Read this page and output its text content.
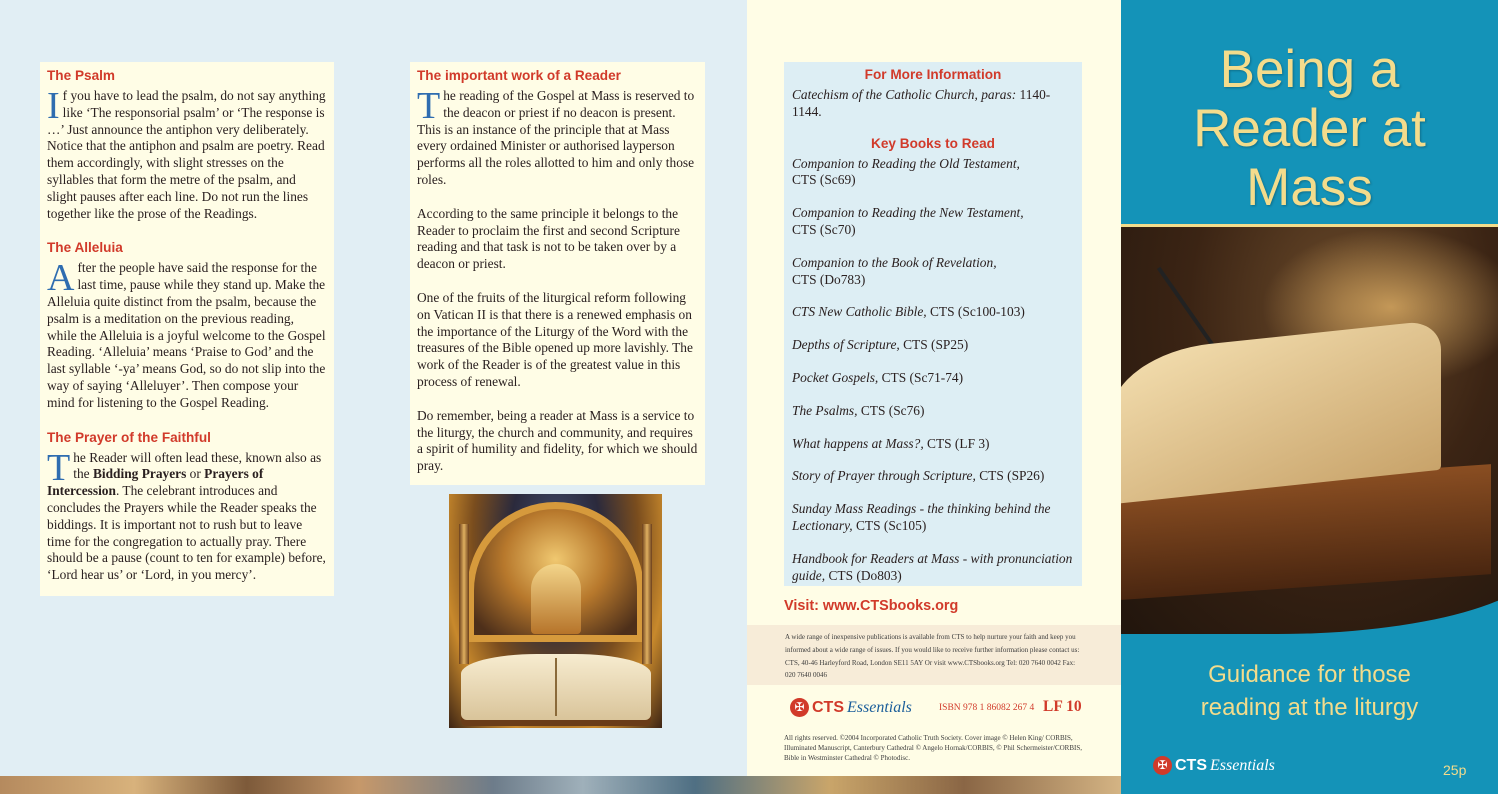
The Psalm
If you have to lead the psalm, do not say anything like ‘The responsorial psalm’ or ‘The response is …’ Just announce the antiphon very deliberately. Notice that the antiphon and psalm are poetry. Read them accordingly, with slight stresses on the syllables that form the metre of the psalm, and slight pauses after each line. Do not run the lines together like the prose of the Readings.
The Alleluia
After the people have said the response for the last time, pause while they stand up. Make the Alleluia quite distinct from the psalm, because the psalm is a meditation on the previous reading, while the Alleluia is a joyful welcome to the Gospel Reading. ‘Alleluia’ means ‘Praise to God’ and the last syllable ‘-ya’ means God, so do not slip into the way of saying ‘Alleluyer’. Then compose your mind for listening to the Gospel Reading.
The Prayer of the Faithful
The Reader will often lead these, known also as the Bidding Prayers or Prayers of Intercession. The celebrant introduces and concludes the Prayers while the Reader speaks the biddings. It is important not to rush but to leave time for the congregation to actually pray. There should be a pause (count to ten for example) before, ‘Lord hear us’ or ‘Lord, in you mercy’.
The important work of a Reader
The reading of the Gospel at Mass is reserved to the deacon or priest if no deacon is present. This is an instance of the principle that at Mass every ordained Minister or authorised layperson performs all the roles allotted to him and only those roles.
According to the same principle it belongs to the Reader to proclaim the first and second Scripture reading and that task is not to be taken over by a deacon or priest.
One of the fruits of the liturgical reform following on Vatican II is that there is a renewed emphasis on the importance of the Liturgy of the Word with the treasures of the Bible opened up more lavishly. The work of the Reader is of the greatest value in this process of renewal.
Do remember, being a reader at Mass is a service to the liturgy, the church and community, and requires a spirit of humility and fidelity, for which we should pray.
For More Information
Catechism of the Catholic Church, paras: 1140-1144.
Key Books to Read
Companion to Reading the Old Testament,
CTS (Sc69)
Companion to Reading the New Testament,
CTS (Sc70)
Companion to the Book of Revelation,
CTS (Do783)
CTS New Catholic Bible, CTS (Sc100-103)
Depths of Scripture, CTS (SP25)
Pocket Gospels, CTS (Sc71-74)
The Psalms, CTS (Sc76)
What happens at Mass?, CTS (LF 3)
Story of Prayer through Scripture, CTS (SP26)
Sunday Mass Readings - the thinking behind the Lectionary, CTS (Sc105)
Handbook for Readers at Mass - with pronunciation guide, CTS (Do803)
Visit: www.CTSbooks.org
A wide range of inexpensive publications is available from CTS to help nurture your faith and keep you informed about a wide range of issues. If you would like to receive further information please contact us: CTS, 40-46 Harleyford Road, London SE11 5AY Or visit www.CTSbooks.org Tel: 020 7640 0042 Fax: 020 7640 0046
✠ CTS Essentials	ISBN 978 1 86082 267 4 LF 10
All rights reserved. ©2004 Incorporated Catholic Truth Society. Cover image © Helen King/ CORBIS, Illuminated Manuscript, Canterbury Cathedral © Angelo Hornak/CORBIS, © Phil Schermeister/CORBIS, Bible in Westminster Cathedral © Photodisc.
Being a
Reader at
Mass
Guidance for those
reading at the liturgy
✠ CTS Essentials	25p
